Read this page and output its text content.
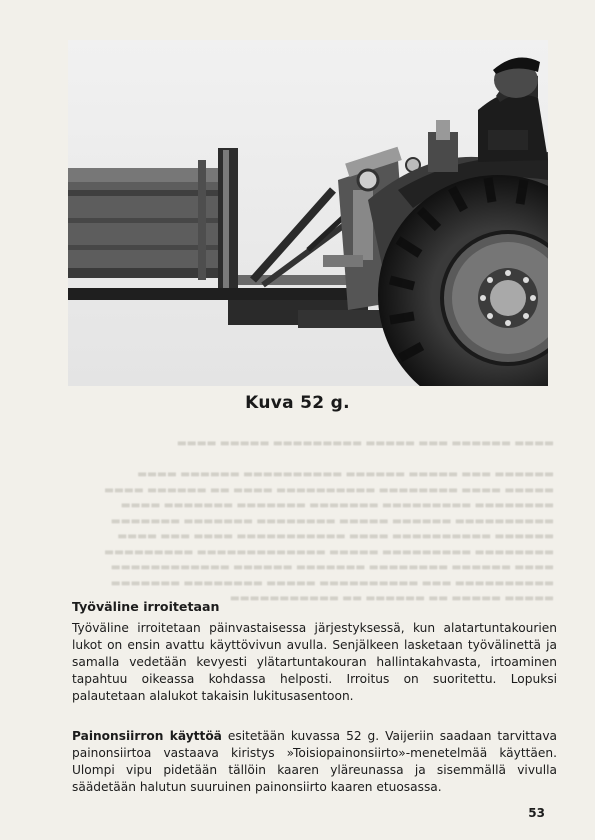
▬▬▬▬ ▬▬▬▬▬▬ ▬▬▬ ▬▬▬▬▬ ▬▬▬▬▬▬▬▬▬ ▬▬▬▬▬ ▬▬▬▬

▬▬▬▬▬▬ ▬▬▬ ▬▬▬▬▬ ▬▬▬▬▬▬ ▬▬▬▬▬▬▬▬▬▬ ▬▬▬▬▬▬ ▬▬▬▬
▬▬▬▬▬ ▬▬▬▬ ▬▬▬▬▬▬▬▬ ▬▬▬▬▬▬▬▬▬▬ ▬▬▬▬ ▬▬ ▬▬▬▬▬▬ ▬▬▬▬
▬▬▬▬▬▬▬▬ ▬▬▬▬▬▬▬▬▬ ▬▬▬▬▬▬▬ ▬▬▬▬▬▬▬ ▬▬▬▬▬▬▬ ▬▬▬▬
▬▬▬▬▬▬▬▬▬▬ ▬▬▬▬▬▬ ▬▬▬▬▬ ▬▬▬▬▬▬▬▬ ▬▬▬▬▬▬▬ ▬▬▬▬▬▬▬
▬▬▬▬▬▬ ▬▬▬▬▬▬▬▬▬▬ ▬▬▬▬ ▬▬▬▬▬▬▬▬▬▬▬ ▬▬▬▬ ▬▬▬ ▬▬▬▬
▬▬▬▬▬▬▬▬ ▬▬▬▬▬▬▬▬▬ ▬▬▬▬▬ ▬▬▬▬▬▬▬▬▬▬▬▬▬ ▬▬▬▬▬▬▬▬▬
▬▬▬▬ ▬▬▬▬▬▬ ▬▬▬▬▬▬▬▬ ▬▬▬▬▬▬▬ ▬▬▬▬▬▬ ▬▬▬▬▬▬▬▬▬▬▬▬
▬▬▬▬▬▬▬▬▬▬ ▬▬▬ ▬▬▬▬▬▬▬▬▬▬ ▬▬▬▬▬ ▬▬▬▬▬▬▬▬ ▬▬▬▬▬▬▬
▬▬▬▬▬ ▬▬▬▬▬ ▬▬ ▬▬▬▬▬▬ ▬▬ ▬▬▬▬▬▬▬▬▬▬▬
Kuva 52 g.
Työväline irroitetaan
Työväline irroitetaan päinvastaisessa järjestyksessä, kun alatartuntakourien lukot on ensin avattu käyttövivun avulla. Senjälkeen lasketaan työvälinettä ja samalla vedetään kevyesti ylätartuntakouran hallintakahvasta, irtoaminen tapahtuu oikeassa kohdassa helposti. Irroitus on suoritettu. Lopuksi palautetaan alalukot takaisin lukitusasentoon.
Painonsiirron käyttöä esitetään kuvassa 52 g. Vaijeriin saadaan tarvittava painonsiirtoa vastaava kiristys »Toisiopainonsiirto»-menetelmää käyttäen. Ulompi vipu pidetään tällöin kaaren yläreunassa ja sisemmällä vivulla säädetään halutun suuruinen painonsiirto kaaren etuosassa.
53
